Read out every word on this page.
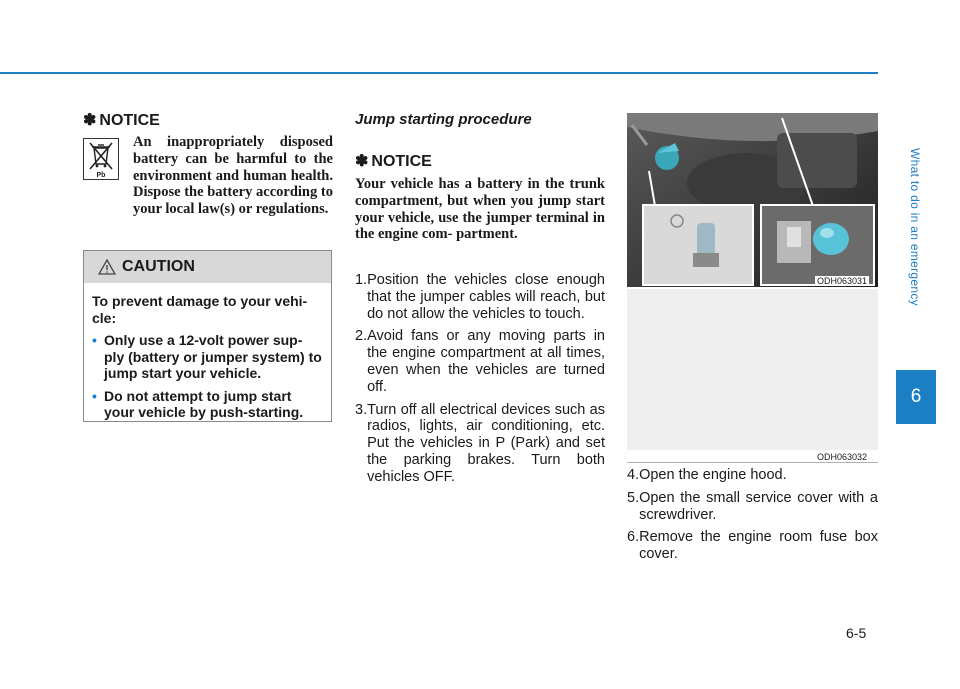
What to do in an emergency
6
✽ NOTICE
Pb
An inappropriately disposed battery can be harmful to the environment and human health. Dispose the battery according to your local law(s) or regulations.
CAUTION
To prevent damage to your vehi- cle:
• Only use a 12-volt power sup- ply (battery or jumper system) to jump start your vehicle.
• Do not attempt to jump start your vehicle by push-starting.
Jump starting procedure
✽ NOTICE
Your vehicle has a battery in the trunk compartment, but when you jump start your vehicle, use the jumper terminal in the engine com- partment.
1. Position the vehicles close enough that the jumper cables will reach, but do not allow the vehicles to touch.
2. Avoid fans or any moving parts in the engine compartment at all times, even when the vehicles are turned off.
3. Turn off all electrical devices such as radios, lights, air conditioning, etc. Put the vehicles in P (Park) and set the parking brakes. Turn both vehicles OFF.
ODH063031
ODH063032
4. Open the engine hood.
5. Open the small service cover with a screwdriver.
6. Remove the engine room fuse box cover.
6-5
